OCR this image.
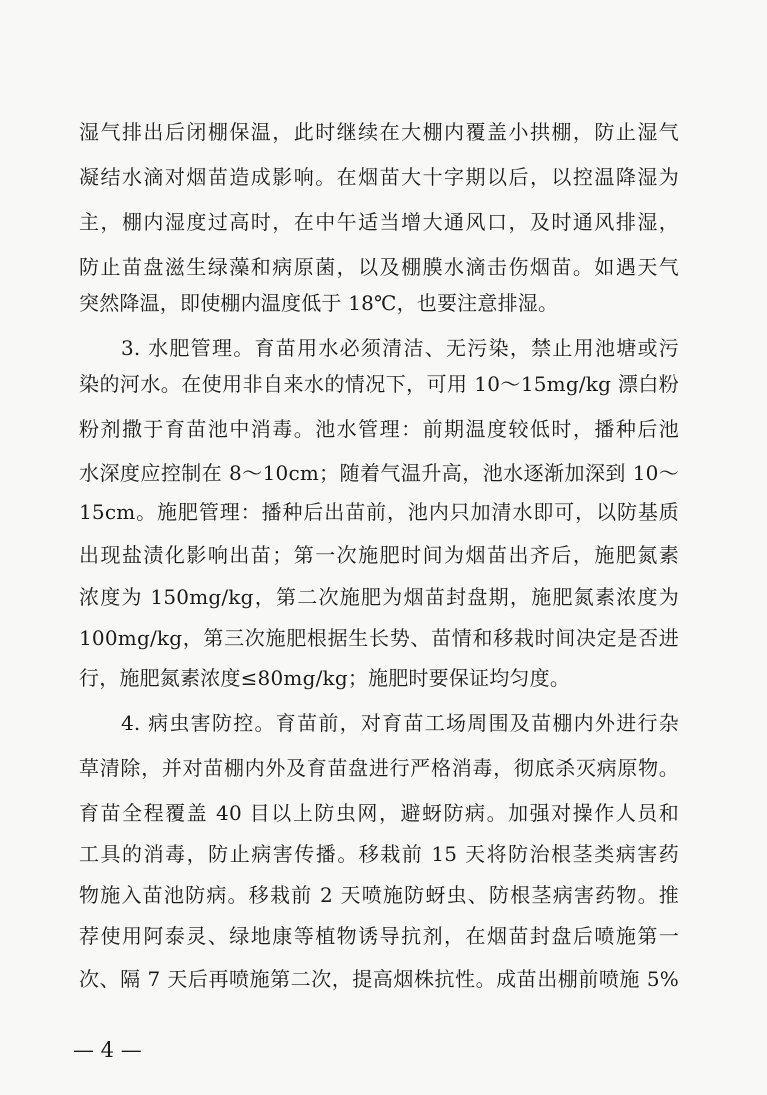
湿气排出后闭棚保温，此时继续在大棚内覆盖小拱棚，防止湿气
凝结水滴对烟苗造成影响。在烟苗大十字期以后，以控温降湿为
主，棚内湿度过高时，在中午适当增大通风口，及时通风排湿，
防止苗盘滋生绿藻和病原菌，以及棚膜水滴击伤烟苗。如遇天气
突然降温，即使棚内温度低于 18℃，也要注意排湿。
3. 水肥管理。育苗用水必须清洁、无污染，禁止用池塘或污
染的河水。在使用非自来水的情况下，可用 10～15mg/kg 漂白粉
粉剂撒于育苗池中消毒。池水管理：前期温度较低时，播种后池
水深度应控制在 8～10cm；随着气温升高，池水逐渐加深到 10～
15cm。施肥管理：播种后出苗前，池内只加清水即可，以防基质
出现盐渍化影响出苗；第一次施肥时间为烟苗出齐后，施肥氮素
浓度为 150mg/kg，第二次施肥为烟苗封盘期，施肥氮素浓度为
100mg/kg，第三次施肥根据生长势、苗情和移栽时间决定是否进
行，施肥氮素浓度≤80mg/kg；施肥时要保证均匀度。
4. 病虫害防控。育苗前，对育苗工场周围及苗棚内外进行杂
草清除，并对苗棚内外及育苗盘进行严格消毒，彻底杀灭病原物。
育苗全程覆盖 40 目以上防虫网，避蚜防病。加强对操作人员和
工具的消毒，防止病害传播。移栽前 15 天将防治根茎类病害药
物施入苗池防病。移栽前 2 天喷施防蚜虫、防根茎病害药物。推
荐使用阿泰灵、绿地康等植物诱导抗剂，在烟苗封盘后喷施第一
次、隔 7 天后再喷施第二次，提高烟株抗性。成苗出棚前喷施 5%
— 4 —
